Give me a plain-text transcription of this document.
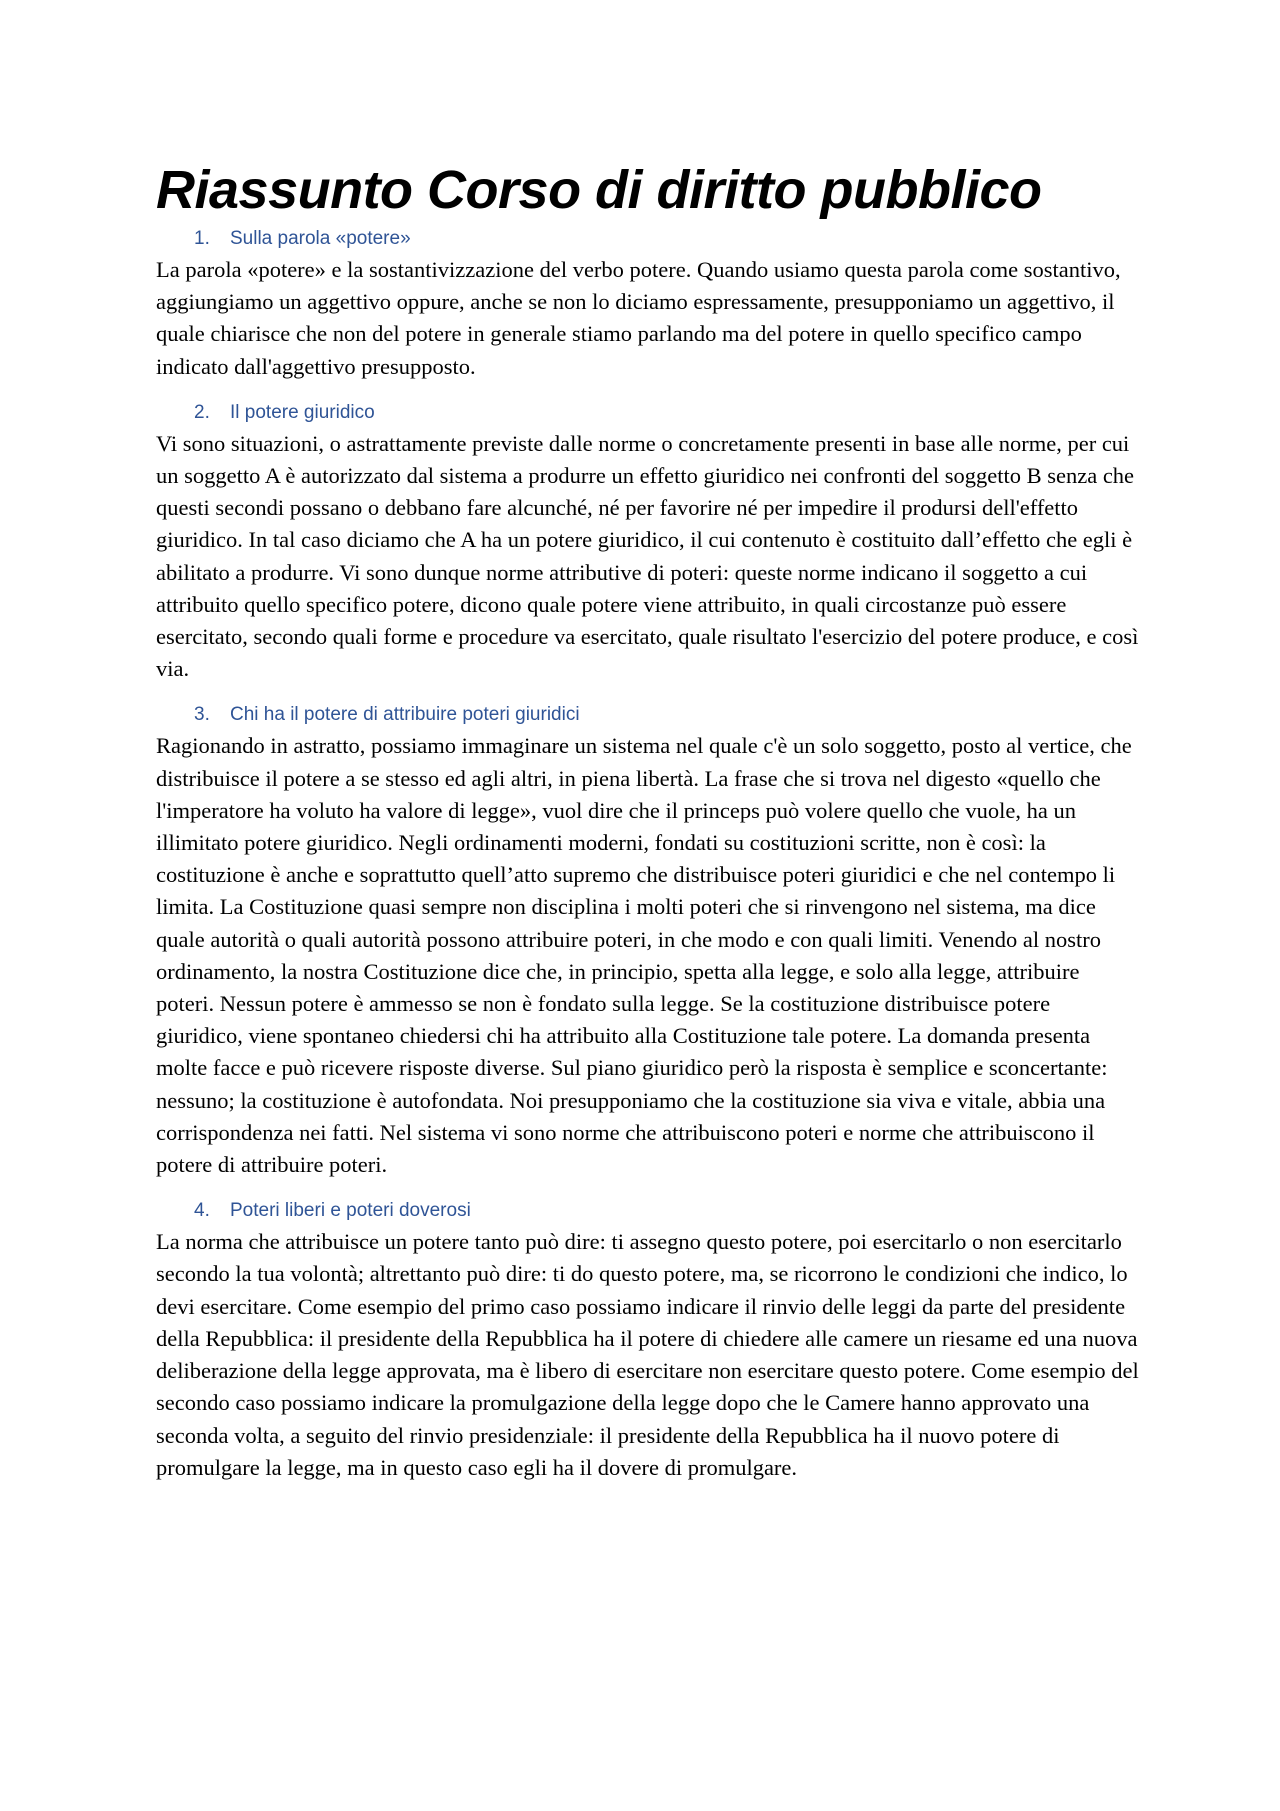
Riassunto Corso di diritto pubblico
1. Sulla parola «potere»

La parola «potere» e la sostantivizzazione del verbo potere. Quando usiamo questa parola come sostantivo, aggiungiamo un aggettivo oppure, anche se non lo diciamo espressamente, presupponiamo un aggettivo, il quale chiarisce che non del potere in generale stiamo parlando ma del potere in quello specifico campo indicato dall'aggettivo presupposto.

2. Il potere giuridico

Vi sono situazioni, o astrattamente previste dalle norme o concretamente presenti in base alle norme, per cui un soggetto A è autorizzato dal sistema a produrre un effetto giuridico nei confronti del soggetto B senza che questi secondi possano o debbano fare alcunché, né per favorire né per impedire il prodursi dell'effetto giuridico. In tal caso diciamo che A ha un potere giuridico, il cui contenuto è costituito dall’effetto che egli è abilitato a produrre. Vi sono dunque norme attributive di poteri: queste norme indicano il soggetto a cui attribuito quello specifico potere, dicono quale potere viene attribuito, in quali circostanze può essere esercitato, secondo quali forme e procedure va esercitato, quale risultato l'esercizio del potere produce, e così via.

3. Chi ha il potere di attribuire poteri giuridici

Ragionando in astratto, possiamo immaginare un sistema nel quale c'è un solo soggetto, posto al vertice, che distribuisce il potere a se stesso ed agli altri, in piena libertà. La frase che si trova nel digesto «quello che l'imperatore ha voluto ha valore di legge», vuol dire che il princeps può volere quello che vuole, ha un illimitato potere giuridico. Negli ordinamenti moderni, fondati su costituzioni scritte, non è così: la costituzione è anche e soprattutto quell’atto supremo che distribuisce poteri giuridici e che nel contempo li limita. La Costituzione quasi sempre non disciplina i molti poteri che si rinvengono nel sistema, ma dice quale autorità o quali autorità possono attribuire poteri, in che modo e con quali limiti. Venendo al nostro ordinamento, la nostra Costituzione dice che, in principio, spetta alla legge, e solo alla legge, attribuire poteri. Nessun potere è ammesso se non è fondato sulla legge. Se la costituzione distribuisce potere giuridico, viene spontaneo chiedersi chi ha attribuito alla Costituzione tale potere. La domanda presenta molte facce e può ricevere risposte diverse. Sul piano giuridico però la risposta è semplice e sconcertante: nessuno; la costituzione è autofondata. Noi presupponiamo che la costituzione sia viva e vitale, abbia una corrispondenza nei fatti. Nel sistema vi sono norme che attribuiscono poteri e norme che attribuiscono il potere di attribuire poteri.

4. Poteri liberi e poteri doverosi

La norma che attribuisce un potere tanto può dire: ti assegno questo potere, poi esercitarlo o non esercitarlo secondo la tua volontà; altrettanto può dire: ti do questo potere, ma, se ricorrono le condizioni che indico, lo devi esercitare. Come esempio del primo caso possiamo indicare il rinvio delle leggi da parte del presidente della Repubblica: il presidente della Repubblica ha il potere di chiedere alle camere un riesame ed una nuova deliberazione della legge approvata, ma è libero di esercitare non esercitare questo potere. Come esempio del secondo caso possiamo indicare la promulgazione della legge dopo che le Camere hanno approvato una seconda volta, a seguito del rinvio presidenziale: il presidente della Repubblica ha il nuovo potere di promulgare la legge, ma in questo caso egli ha il dovere di promulgare.
